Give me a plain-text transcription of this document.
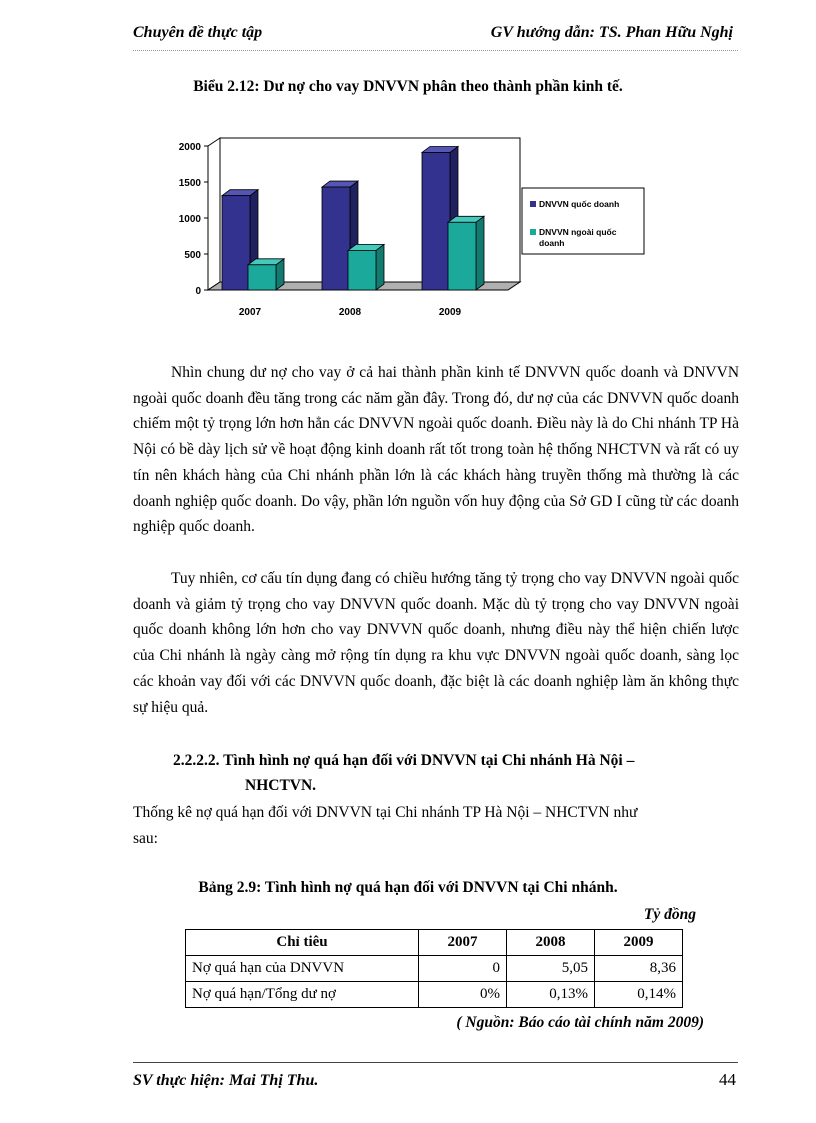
Chuyên đề thực tập	GV hướng dẫn: TS. Phan Hữu Nghị
Biểu 2.12: Dư nợ cho vay DNVVN phân theo thành phần kinh tế.
2000
1500
1000
500
0
2007	2008	2009
DNVVN quốc doanh
DNVVN ngoài quốc
doanh

Nhìn chung dư nợ cho vay ở cả hai thành phần kinh tế DNVVN quốc doanh và DNVVN ngoài quốc doanh đều tăng trong các năm gần đây. Trong đó, dư nợ của các DNVVN quốc doanh chiếm một tỷ trọng lớn hơn hẳn các DNVVN ngoài quốc doanh. Điều này là do Chi nhánh TP Hà Nội có bề dày lịch sử về hoạt động kinh doanh rất tốt trong toàn hệ thống NHCTVN và rất có uy tín nên khách hàng của Chi nhánh phần lớn là các khách hàng truyền thống mà thường là các doanh nghiệp quốc doanh. Do vậy, phần lớn nguồn vốn huy động của Sở GD I cũng từ các doanh nghiệp quốc doanh.

Tuy nhiên, cơ cấu tín dụng đang có chiều hướng tăng tỷ trọng cho vay DNVVN ngoài quốc doanh và giảm tỷ trọng cho vay DNVVN quốc doanh. Mặc dù tỷ trọng cho vay DNVVN ngoài quốc doanh không lớn hơn cho vay DNVVN quốc doanh, nhưng điều này thể hiện chiến lược của Chi nhánh là ngày càng mở rộng tín dụng ra khu vực DNVVN ngoài quốc doanh, sàng lọc các khoản vay đối với các DNVVN quốc doanh, đặc biệt là các doanh nghiệp làm ăn không thực sự hiệu quả.

2.2.2.2. Tình hình nợ quá hạn đối với DNVVN tại Chi nhánh Hà Nội –
NHCTVN.
Thống kê nợ quá hạn đối với DNVVN tại Chi nhánh TP Hà Nội – NHCTVN như
sau:
Bảng 2.9: Tình hình nợ quá hạn đối với DNVVN tại Chi nhánh.
Tỷ đồng
Chỉ tiêu	2007	2008	2009
Nợ quá hạn của DNVVN	0	5,05	8,36
Nợ quá hạn/Tổng dư nợ	0%	0,13%	0,14%
( Nguồn: Báo cáo tài chính năm 2009)
SV thực hiện: Mai Thị Thu.	44
